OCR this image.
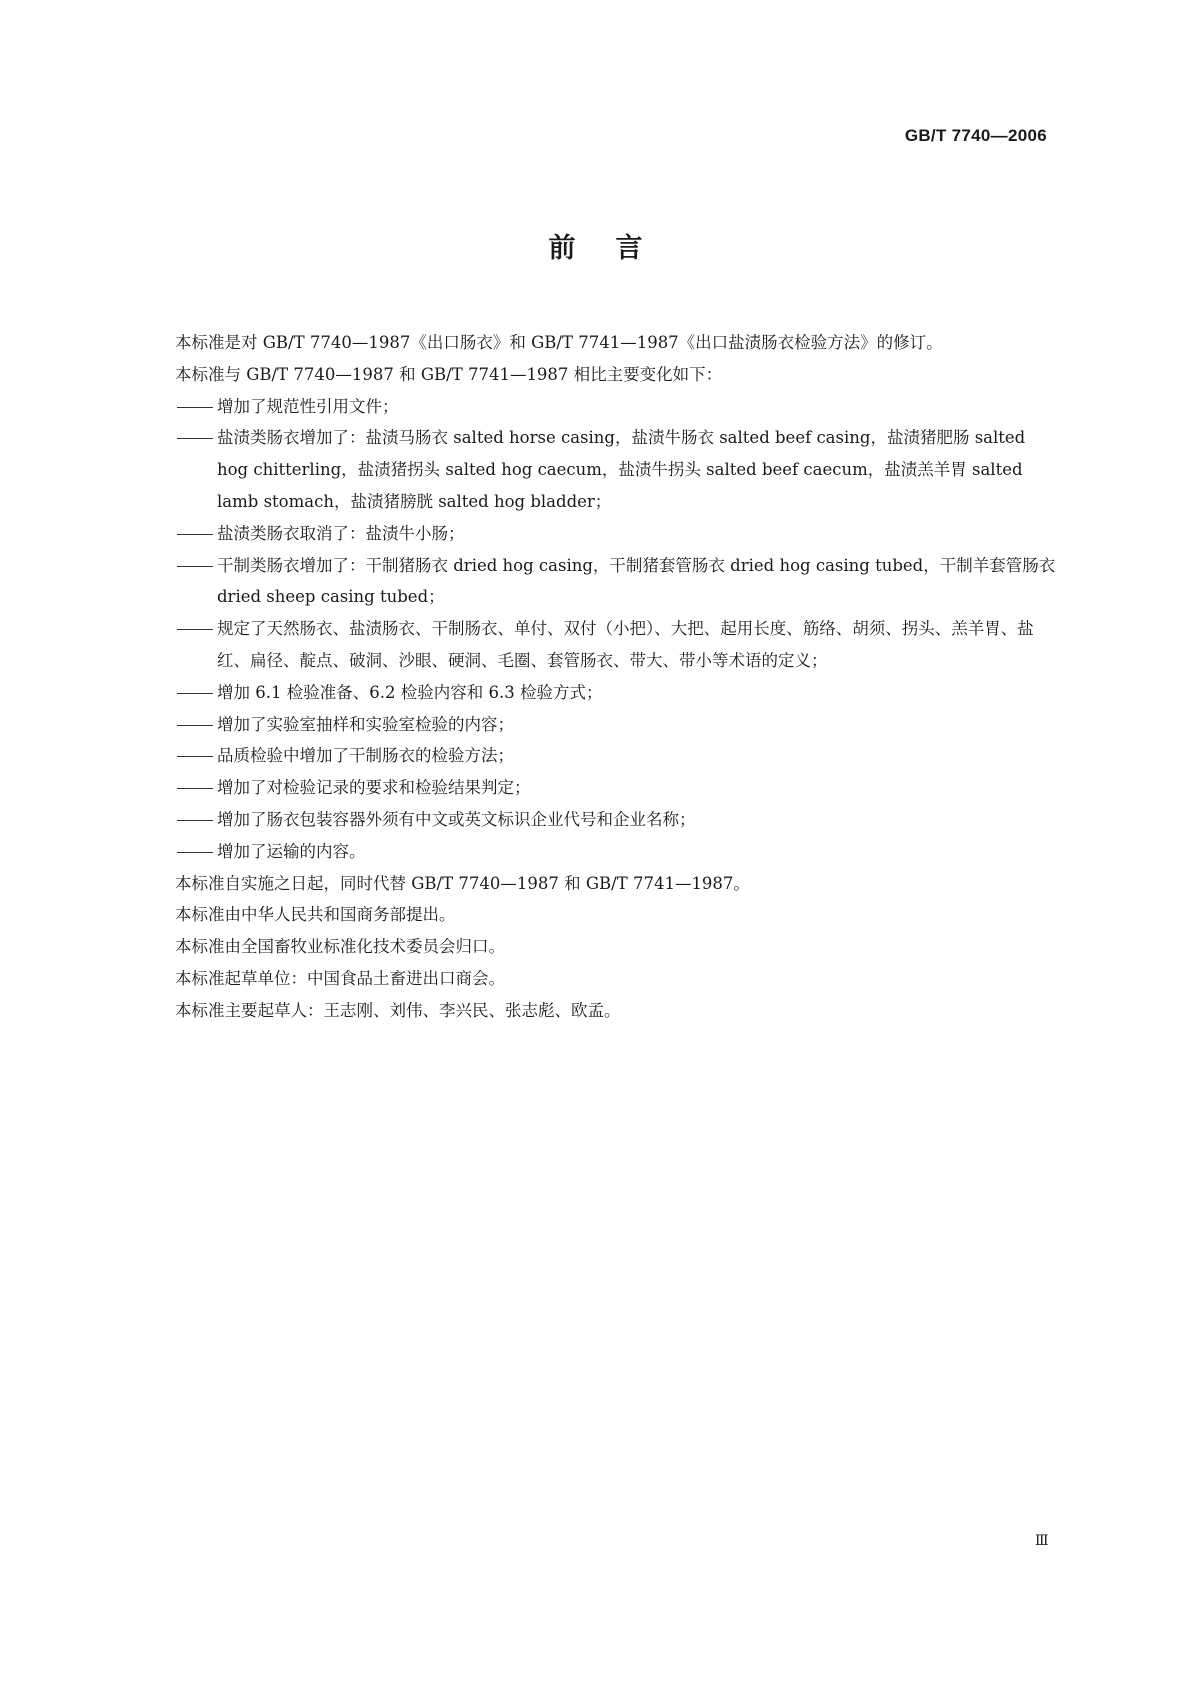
GB/T 7740—2006
前言
本标准是对 GB/T 7740—1987《出口肠衣》和 GB/T 7741—1987《出口盐渍肠衣检验方法》的修订。
本标准与 GB/T 7740—1987 和 GB/T 7741—1987 相比主要变化如下：
增加了规范性引用文件；
盐渍类肠衣增加了：盐渍马肠衣 salted horse casing，盐渍牛肠衣 salted beef casing，盐渍猪肥肠 salted hog chitterling，盐渍猪拐头 salted hog caecum，盐渍牛拐头 salted beef caecum，盐渍羔羊胃 salted lamb stomach，盐渍猪膀胱 salted hog bladder；
盐渍类肠衣取消了：盐渍牛小肠；
干制类肠衣增加了：干制猪肠衣 dried hog casing，干制猪套管肠衣 dried hog casing tubed，干制羊套管肠衣 dried sheep casing tubed；
规定了天然肠衣、盐渍肠衣、干制肠衣、单付、双付（小把）、大把、起用长度、筋络、胡须、拐头、羔羊胃、盐红、扁径、靛点、破洞、沙眼、硬洞、毛圈、套管肠衣、带大、带小等术语的定义；
增加 6.1 检验准备、6.2 检验内容和 6.3 检验方式；
增加了实验室抽样和实验室检验的内容；
品质检验中增加了干制肠衣的检验方法；
增加了对检验记录的要求和检验结果判定；
增加了肠衣包装容器外须有中文或英文标识企业代号和企业名称；
增加了运输的内容。
本标准自实施之日起，同时代替 GB/T 7740—1987 和 GB/T 7741—1987。
本标准由中华人民共和国商务部提出。
本标准由全国畜牧业标准化技术委员会归口。
本标准起草单位：中国食品土畜进出口商会。
本标准主要起草人：王志刚、刘伟、李兴民、张志彪、欧孟。
Ⅲ
